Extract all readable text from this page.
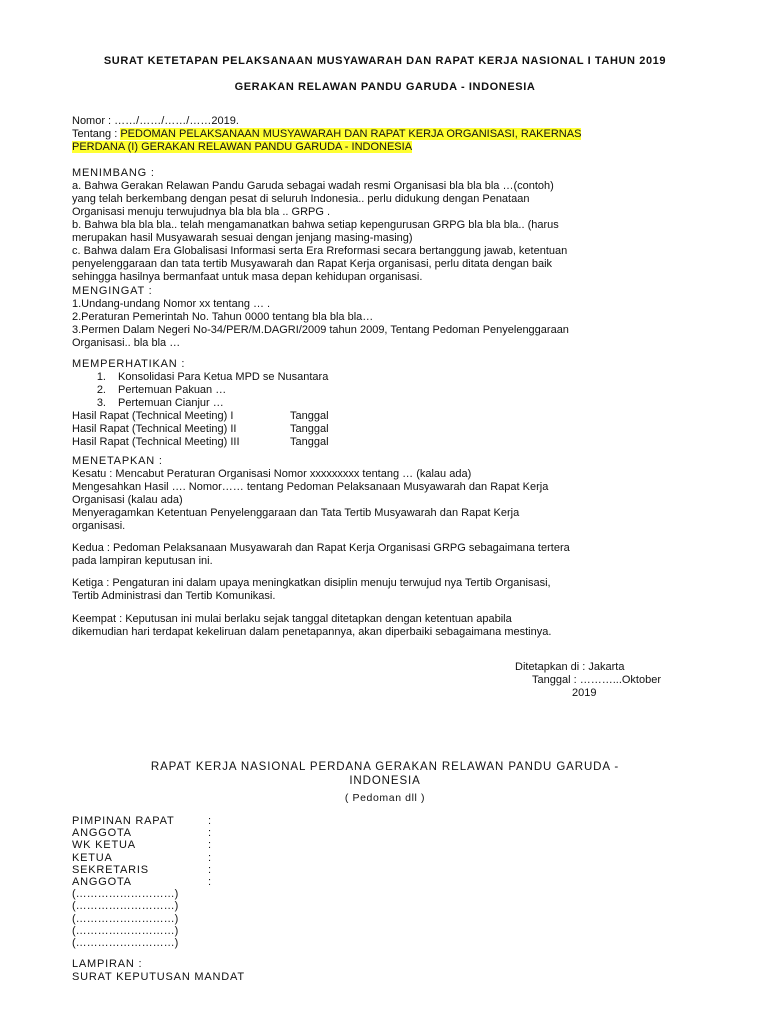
SURAT KETETAPAN PELAKSANAAN MUSYAWARAH DAN RAPAT KERJA NASIONAL I TAHUN 2019
GERAKAN RELAWAN PANDU GARUDA - INDONESIA
Nomor : ……/……/……/……2019.
Tentang : PEDOMAN PELAKSANAAN MUSYAWARAH DAN RAPAT KERJA ORGANISASI, RAKERNAS
PERDANA (I) GERAKAN RELAWAN PANDU GARUDA - INDONESIA
MENIMBANG :
a. Bahwa Gerakan Relawan Pandu Garuda sebagai wadah resmi Organisasi bla bla bla …(contoh)
yang telah berkembang dengan pesat di seluruh Indonesia.. perlu didukung dengan Penataan
Organisasi menuju terwujudnya bla bla bla .. GRPG .
b. Bahwa bla bla bla.. telah mengamanatkan bahwa setiap kepengurusan GRPG bla bla bla.. (harus
merupakan hasil Musyawarah sesuai dengan jenjang masing-masing)
c. Bahwa dalam Era Globalisasi Informasi serta Era Rreformasi secara bertanggung jawab, ketentuan
penyelenggaraan dan tata tertib Musyawarah dan Rapat Kerja organisasi, perlu ditata dengan baik
sehingga hasilnya bermanfaat untuk masa depan kehidupan organisasi.
MENGINGAT :
1.Undang-undang Nomor xx tentang … .
2.Peraturan Pemerintah No. Tahun 0000 tentang bla bla bla…
3.Permen Dalam Negeri No-34/PER/M.DAGRI/2009 tahun 2009, Tentang Pedoman Penyelenggaraan
Organisasi.. bla bla …
MEMPERHATIKAN :
1. Konsolidasi Para Ketua MPD se Nusantara
2. Pertemuan Pakuan …
3. Pertemuan Cianjur …
Hasil Rapat (Technical Meeting) I	Tanggal
Hasil Rapat (Technical Meeting) II	Tanggal
Hasil Rapat (Technical Meeting) III	Tanggal
MENETAPKAN :
Kesatu : Mencabut Peraturan Organisasi Nomor xxxxxxxxx tentang … (kalau ada)
Mengesahkan Hasil …. Nomor…… tentang Pedoman Pelaksanaan Musyawarah dan Rapat Kerja
Organisasi (kalau ada)
Menyeragamkan Ketentuan Penyelenggaraan dan Tata Tertib Musyawarah dan Rapat Kerja
organisasi.
Kedua : Pedoman Pelaksanaan Musyawarah dan Rapat Kerja Organisasi GRPG sebagaimana tertera
pada lampiran keputusan ini.
Ketiga : Pengaturan ini dalam upaya meningkatkan disiplin menuju terwujud nya Tertib Organisasi,
Tertib Administrasi dan Tertib Komunikasi.
Keempat : Keputusan ini mulai berlaku sejak tanggal ditetapkan dengan ketentuan apabila
dikemudian hari terdapat kekeliruan dalam penetapannya, akan diperbaiki sebagaimana mestinya.
Ditetapkan di : Jakarta
Tanggal : ………...Oktober
2019
RAPAT KERJA NASIONAL PERDANA GERAKAN RELAWAN PANDU GARUDA -
INDONESIA
( Pedoman dll )
PIMPINAN RAPAT	:
ANGGOTA	:
WK KETUA	:
KETUA	:
SEKRETARIS	:
ANGGOTA	:
(………………………)
(………………………)
(………………………)
(………………………)
(………………………)
LAMPIRAN :
SURAT KEPUTUSAN MANDAT
